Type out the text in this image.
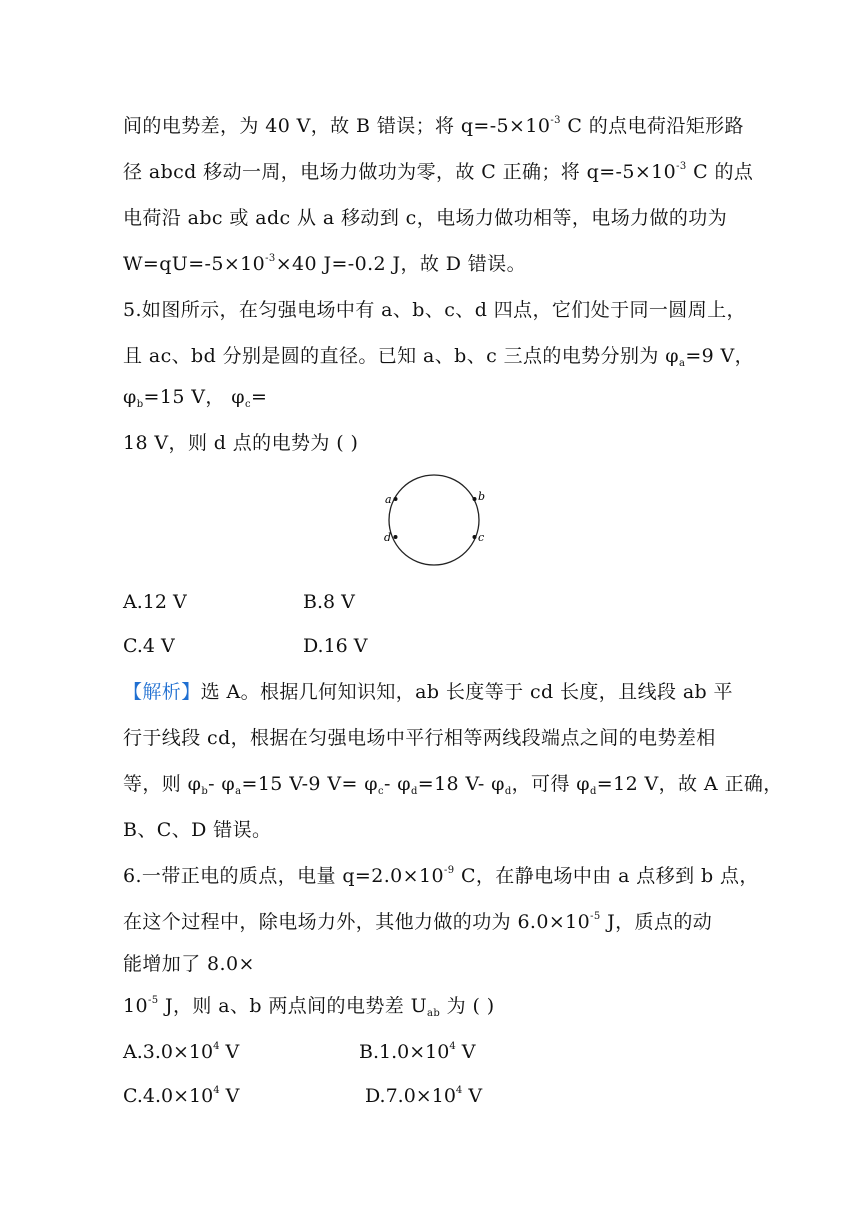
间的电势差，为 40 V，故 B 错误；将 $q=-5\times 10^{-3}$ C 的点电荷沿矩形路
径 abcd 移动一周，电场力做功为零，故 C 正确；将 $q=-5\times 10^{-3}$ C 的点
电荷沿 abc 或 adc 从 a 移动到 c，电场力做功相等，电场力做的功为
$W=qU=-5\times 10^{-3}\times 40$ J=-0.2 J，故 D 错误。
5.如图所示，在匀强电场中有 a、b、c、d 四点，它们处于同一圆周上，
且 ac、bd 分别是圆的直径。已知 a、b、c 三点的电势分别为 $\varphi_a=9$ V，
$\varphi_b=15$ V， $\varphi_c=$
18 V，则 d 点的电势为 ( )
a	b
c
d
A.12 V	B.8 V
C.4 V	D.16 V
【解析】选 A。根据几何知识知，ab 长度等于 cd 长度，且线段 ab 平
行于线段 cd，根据在匀强电场中平行相等两线段端点之间的电势差相
等，则 $\varphi_b-$ $\varphi_a=15$ V-9 $V= \varphi_c-$ $\varphi_d=18$ V- $\varphi_d$，可得 $\varphi_d=12$ V，故 A 正确，
B、C、D 错误。
6.一带正电的质点，电量 $q=2.0\times 10^{-9}$ C，在静电场中由 a 点移到 b 点，
在这个过程中，除电场力外，其他力做的功为 $6.0\times 10^{-5}$ J，质点的动
能增加了 8.0×
$10^{-5}$ J，则 a、b 两点间的电势差 $U_{ab}$ 为 ( )
$A.3.0\times 10^4$ V	$B.1.0\times 10^4$ V
$C.4.0\times 10^4$ V	$D.7.0\times 10^4$ V
